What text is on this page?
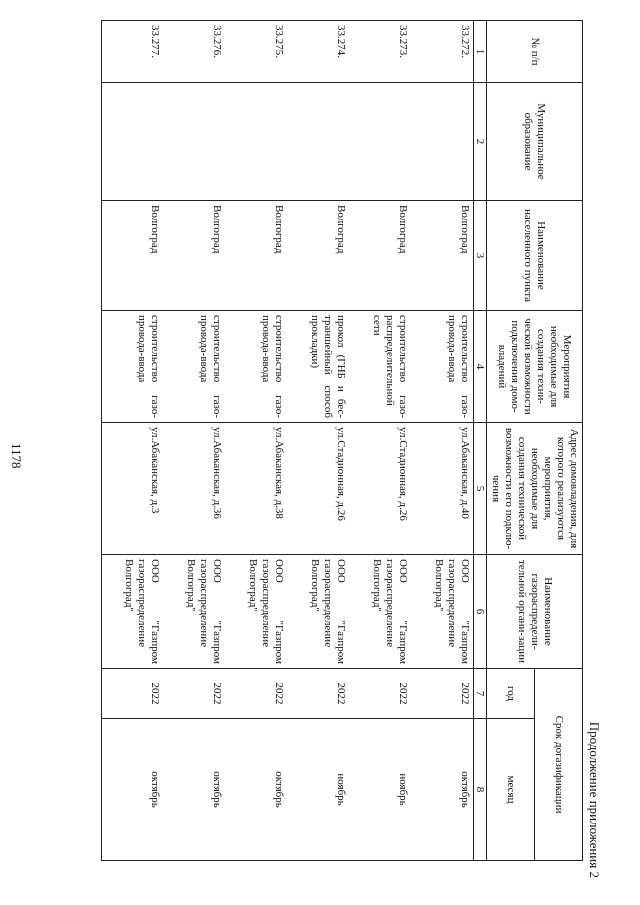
1178
Продолжение приложения 2
№ п/п	Муниципальное образование	Наименование населенного пункта	Мероприятия необходимые для создания техни-ческой возможности подключения домо-владений	Адрес домовладения, для которого реализуются мероприятия, необходимые для создания технической возможности его подклю-чения	Наименование газораспредели-тельной органи-зации	Срок догазификации	
						год	месяц
1	2	3	4	5	6	7	8
33.272.		Волгоград	строительство газо-провода-ввода	ул.Абаканская, д.40	ООО "Газпром газораспределение Волгоград"	2022	октябрь
33.273.		Волгоград	строительство газо-распределительной сети	ул.Стадионная, д.26	ООО "Газпром газораспределение Волгоград"	2022	ноябрь
33.274.		Волгоград	прокол (ГНБ и бес-траншейный способ прокладки)	ул.Стадионная, д.26	ООО "Газпром газораспределение Волгоград"	2022	ноябрь
33.275.		Волгоград	строительство газо-провода-ввода	ул.Абаканская, д.38	ООО "Газпром газораспределение Волгоград"	2022	октябрь
33.276.		Волгоград	строительство газо-провода-ввода	ул.Абаканская, д.36	ООО "Газпром газораспределение Волгоград"	2022	октябрь
33.277.		Волгоград	строительство газо-провода-ввода	ул.Абаканская, д.3	ООО "Газпром газораспределение Волгоград"	2022	октябрь
